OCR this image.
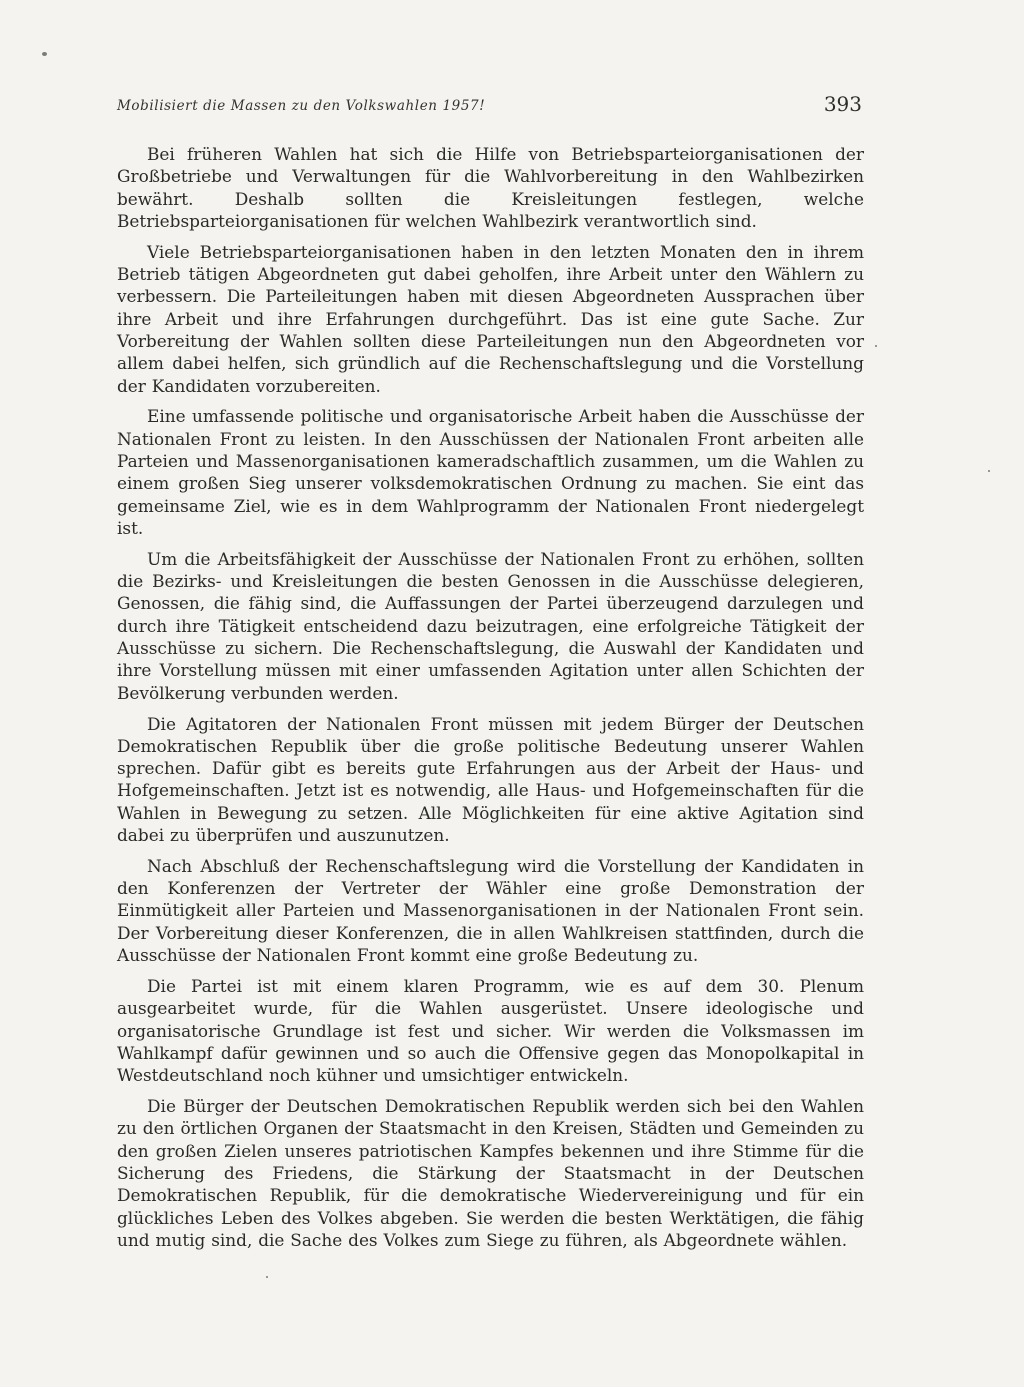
Mobilisiert die Massen zu den Volkswahlen 1957!	393

Bei früheren Wahlen hat sich die Hilfe von Betriebsparteiorganisationen der Großbetriebe und Verwaltungen für die Wahlvorbereitung in den Wahlbezirken bewährt. Deshalb sollten die Kreisleitungen festlegen, welche Betriebsparteiorganisationen für welchen Wahlbezirk verantwortlich sind.

Viele Betriebsparteiorganisationen haben in den letzten Monaten den in ihrem Betrieb tätigen Abgeordneten gut dabei geholfen, ihre Arbeit unter den Wählern zu verbessern. Die Parteileitungen haben mit diesen Abgeordneten Aussprachen über ihre Arbeit und ihre Erfahrungen durchgeführt. Das ist eine gute Sache. Zur Vorbereitung der Wahlen sollten diese Parteileitungen nun den Abgeordneten vor allem dabei helfen, sich gründlich auf die Rechenschaftslegung und die Vorstellung der Kandidaten vorzubereiten.

Eine umfassende politische und organisatorische Arbeit haben die Ausschüsse der Nationalen Front zu leisten. In den Ausschüssen der Nationalen Front arbeiten alle Parteien und Massenorganisationen kameradschaftlich zusammen, um die Wahlen zu einem großen Sieg unserer volksdemokratischen Ordnung zu machen. Sie eint das gemeinsame Ziel, wie es in dem Wahlprogramm der Nationalen Front niedergelegt ist.

Um die Arbeitsfähigkeit der Ausschüsse der Nationalen Front zu erhöhen, sollten die Bezirks- und Kreisleitungen die besten Genossen in die Ausschüsse delegieren, Genossen, die fähig sind, die Auffassungen der Partei überzeugend darzulegen und durch ihre Tätigkeit entscheidend dazu beizutragen, eine erfolgreiche Tätigkeit der Ausschüsse zu sichern. Die Rechenschaftslegung, die Auswahl der Kandidaten und ihre Vorstellung müssen mit einer umfassenden Agitation unter allen Schichten der Bevölkerung verbunden werden.

Die Agitatoren der Nationalen Front müssen mit jedem Bürger der Deutschen Demokratischen Republik über die große politische Bedeutung unserer Wahlen sprechen. Dafür gibt es bereits gute Erfahrungen aus der Arbeit der Haus- und Hofgemeinschaften. Jetzt ist es notwendig, alle Haus- und Hofgemeinschaften für die Wahlen in Bewegung zu setzen. Alle Möglichkeiten für eine aktive Agitation sind dabei zu überprüfen und auszunutzen.

Nach Abschluß der Rechenschaftslegung wird die Vorstellung der Kandidaten in den Konferenzen der Vertreter der Wähler eine große Demonstration der Einmütigkeit aller Parteien und Massenorganisationen in der Nationalen Front sein. Der Vorbereitung dieser Konferenzen, die in allen Wahlkreisen stattfinden, durch die Ausschüsse der Nationalen Front kommt eine große Bedeutung zu.

Die Partei ist mit einem klaren Programm, wie es auf dem 30. Plenum ausgearbeitet wurde, für die Wahlen ausgerüstet. Unsere ideologische und organisatorische Grundlage ist fest und sicher. Wir werden die Volksmassen im Wahlkampf dafür gewinnen und so auch die Offensive gegen das Monopolkapital in Westdeutschland noch kühner und umsichtiger entwickeln.

Die Bürger der Deutschen Demokratischen Republik werden sich bei den Wahlen zu den örtlichen Organen der Staatsmacht in den Kreisen, Städten und Gemeinden zu den großen Zielen unseres patriotischen Kampfes bekennen und ihre Stimme für die Sicherung des Friedens, die Stärkung der Staatsmacht in der Deutschen Demokratischen Republik, für die demokratische Wiedervereinigung und für ein glückliches Leben des Volkes abgeben. Sie werden die besten Werktätigen, die fähig und mutig sind, die Sache des Volkes zum Siege zu führen, als Abgeordnete wählen.
